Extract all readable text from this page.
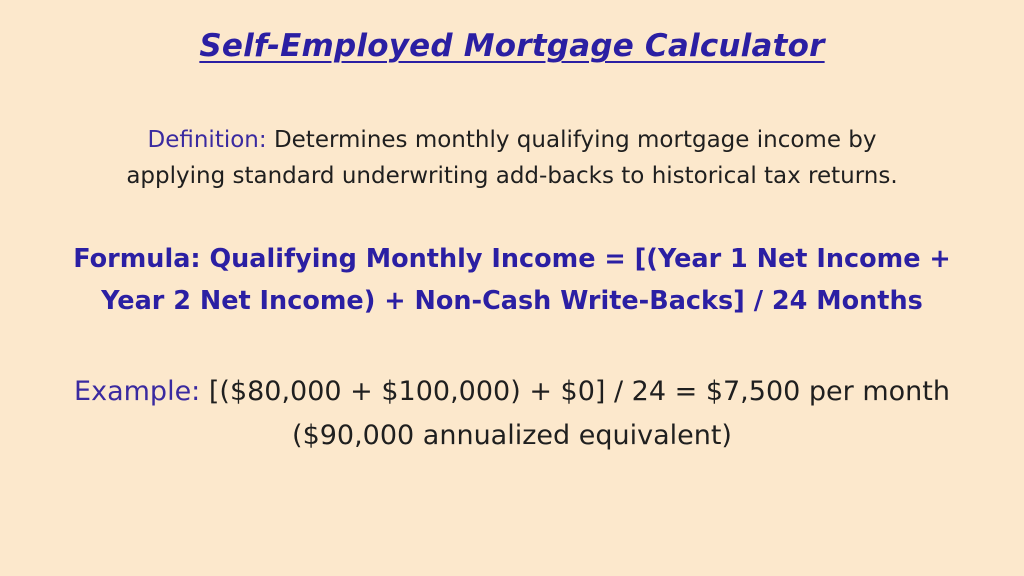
Self-Employed Mortgage Calculator

Definition: Determines monthly qualifying mortgage income by
applying standard underwriting add-backs to historical tax returns.

Formula: Qualifying Monthly Income = [(Year 1 Net Income +
Year 2 Net Income) + Non-Cash Write-Backs] / 24 Months

Example: [($80,000 + $100,000) + $0] / 24 = $7,500 per month
($90,000 annualized equivalent)
